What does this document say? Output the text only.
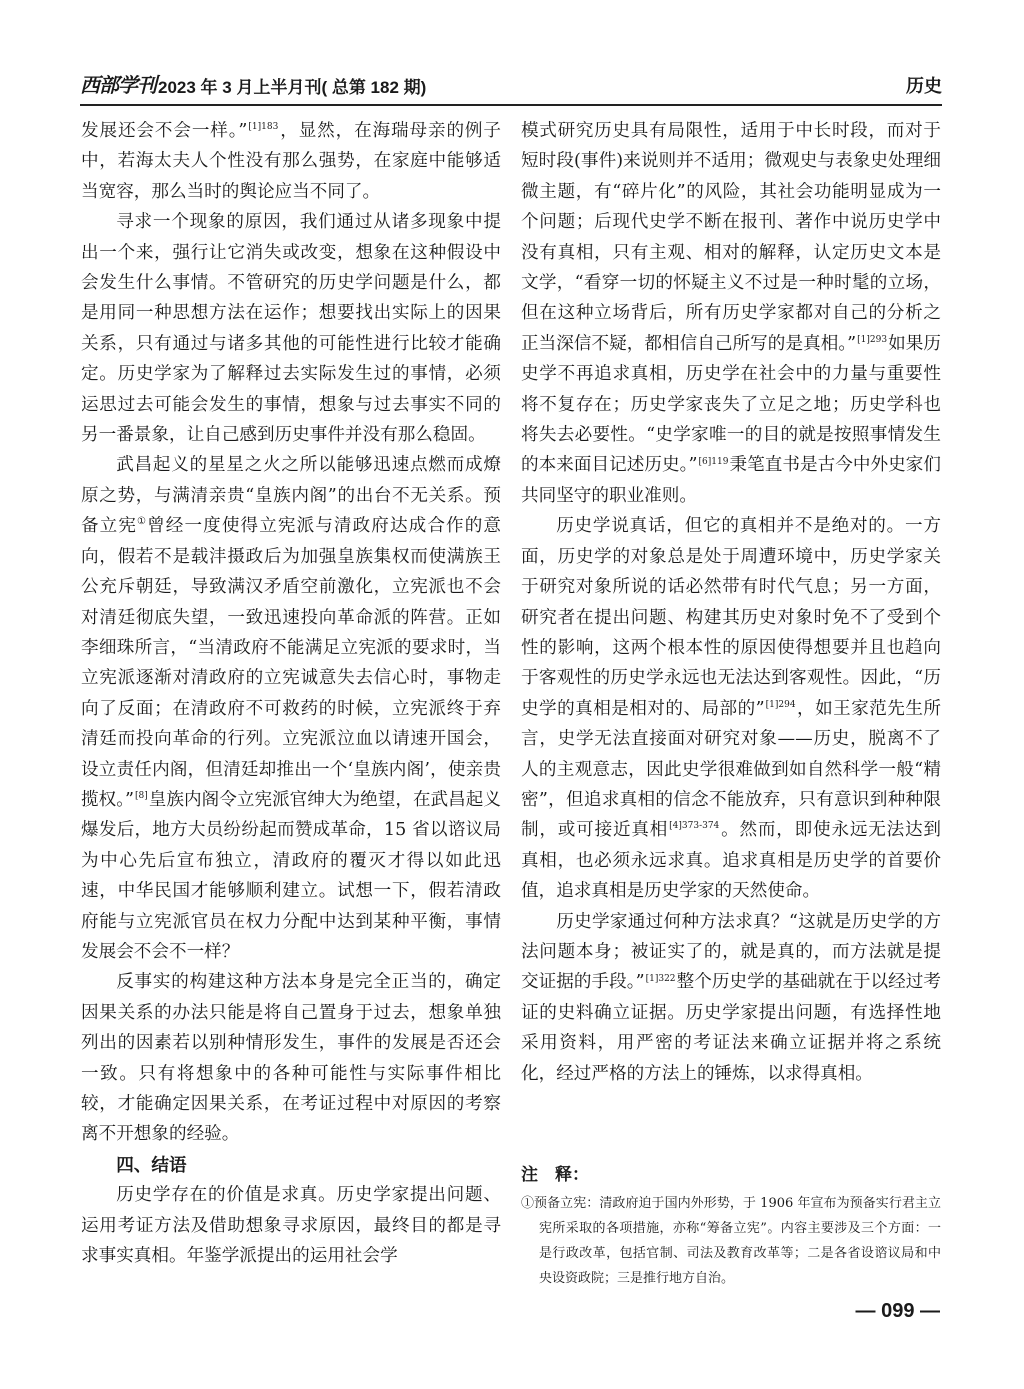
西部学刊 2023 年 3 月上半月刊( 总第 182 期)	历史

发展还会不会一样。”$^{[1]183}$，显然，在海瑞母亲的例子中，若海太夫人个性没有那么强势，在家庭中能够适当宽容，那么当时的舆论应当不同了。

寻求一个现象的原因，我们通过从诸多现象中提出一个来，强行让它消失或改变，想象在这种假设中会发生什么事情。不管研究的历史学问题是什么，都是用同一种思想方法在运作；想要找出实际上的因果关系，只有通过与诸多其他的可能性进行比较才能确定。历史学家为了解释过去实际发生过的事情，必须运思过去可能会发生的事情，想象与过去事实不同的另一番景象，让自己感到历史事件并没有那么稳固。

武昌起义的星星之火之所以能够迅速点燃而成燎原之势，与满清亲贵“皇族内阁”的出台不无关系。预备立宪①曾经一度使得立宪派与清政府达成合作的意向，假若不是载沣摄政后为加强皇族集权而使满族王公充斥朝廷，导致满汉矛盾空前激化，立宪派也不会对清廷彻底失望，一致迅速投向革命派的阵营。正如李细珠所言，“当清政府不能满足立宪派的要求时，当立宪派逐渐对清政府的立宪诚意失去信心时，事物走向了反面；在清政府不可救药的时候，立宪派终于弃清廷而投向革命的行列。立宪派泣血以请速开国会，设立责任内阁，但清廷却推出一个‘皇族内阁’，使亲贵揽权。”[8]皇族内阁令立宪派官绅大为绝望，在武昌起义爆发后，地方大员纷纷起而赞成革命，15 省以谘议局为中心先后宣布独立，清政府的覆灭才得以如此迅速，中华民国才能够顺利建立。试想一下，假若清政府能与立宪派官员在权力分配中达到某种平衡，事情发展会不会不一样？

反事实的构建这种方法本身是完全正当的，确定因果关系的办法只能是将自己置身于过去，想象单独列出的因素若以别种情形发生，事件的发展是否还会一致。只有将想象中的各种可能性与实际事件相比较，才能确定因果关系，在考证过程中对原因的考察离不开想象的经验。

四、结语

历史学存在的价值是求真。历史学家提出问题、运用考证方法及借助想象寻求原因，最终目的都是寻求事实真相。年鉴学派提出的运用社会学

模式研究历史具有局限性，适用于中长时段，而对于短时段(事件)来说则并不适用；微观史与表象史处理细微主题，有“碎片化”的风险，其社会功能明显成为一个问题；后现代史学不断在报刊、著作中说历史学中没有真相，只有主观、相对的解释，认定历史文本是文学，“看穿一切的怀疑主义不过是一种时髦的立场，但在这种立场背后，所有历史学家都对自己的分析之正当深信不疑，都相信自己所写的是真相。”$^{[1]293}$如果历史学不再追求真相，历史学在社会中的力量与重要性将不复存在；历史学家丧失了立足之地；历史学科也将失去必要性。“史学家唯一的目的就是按照事情发生的本来面目记述历史。”$^{[6]119}$秉笔直书是古今中外史家们共同坚守的职业准则。

历史学说真话，但它的真相并不是绝对的。一方面，历史学的对象总是处于周遭环境中，历史学家关于研究对象所说的话必然带有时代气息；另一方面，研究者在提出问题、构建其历史对象时免不了受到个性的影响，这两个根本性的原因使得想要并且也趋向于客观性的历史学永远也无法达到客观性。因此，“历史学的真相是相对的、局部的”$^{[1]294}$，如王家范先生所言，史学无法直接面对研究对象——历史，脱离不了人的主观意志，因此史学很难做到如自然科学一般“精密”，但追求真相的信念不能放弃，只有意识到种种限制，或可接近真相$^{[4]373-374}$。然而，即使永远无法达到真相，也必须永远求真。追求真相是历史学的首要价值，追求真相是历史学家的天然使命。

历史学家通过何种方法求真？“这就是历史学的方法问题本身；被证实了的，就是真的，而方法就是提交证据的手段。”$^{[1]322}$整个历史学的基础就在于以经过考证的史料确立证据。历史学家提出问题，有选择性地采用资料，用严密的考证法来确立证据并将之系统化，经过严格的方法上的锤炼，以求得真相。

注　释：
①预备立宪：清政府迫于国内外形势，于 1906 年宣布为预备实行君主立宪所采取的各项措施，亦称“筹备立宪”。内容主要涉及三个方面：一是行政改革，包括官制、司法及教育改革等；二是各省设谘议局和中央设资政院；三是推行地方自治。
— 099 —
